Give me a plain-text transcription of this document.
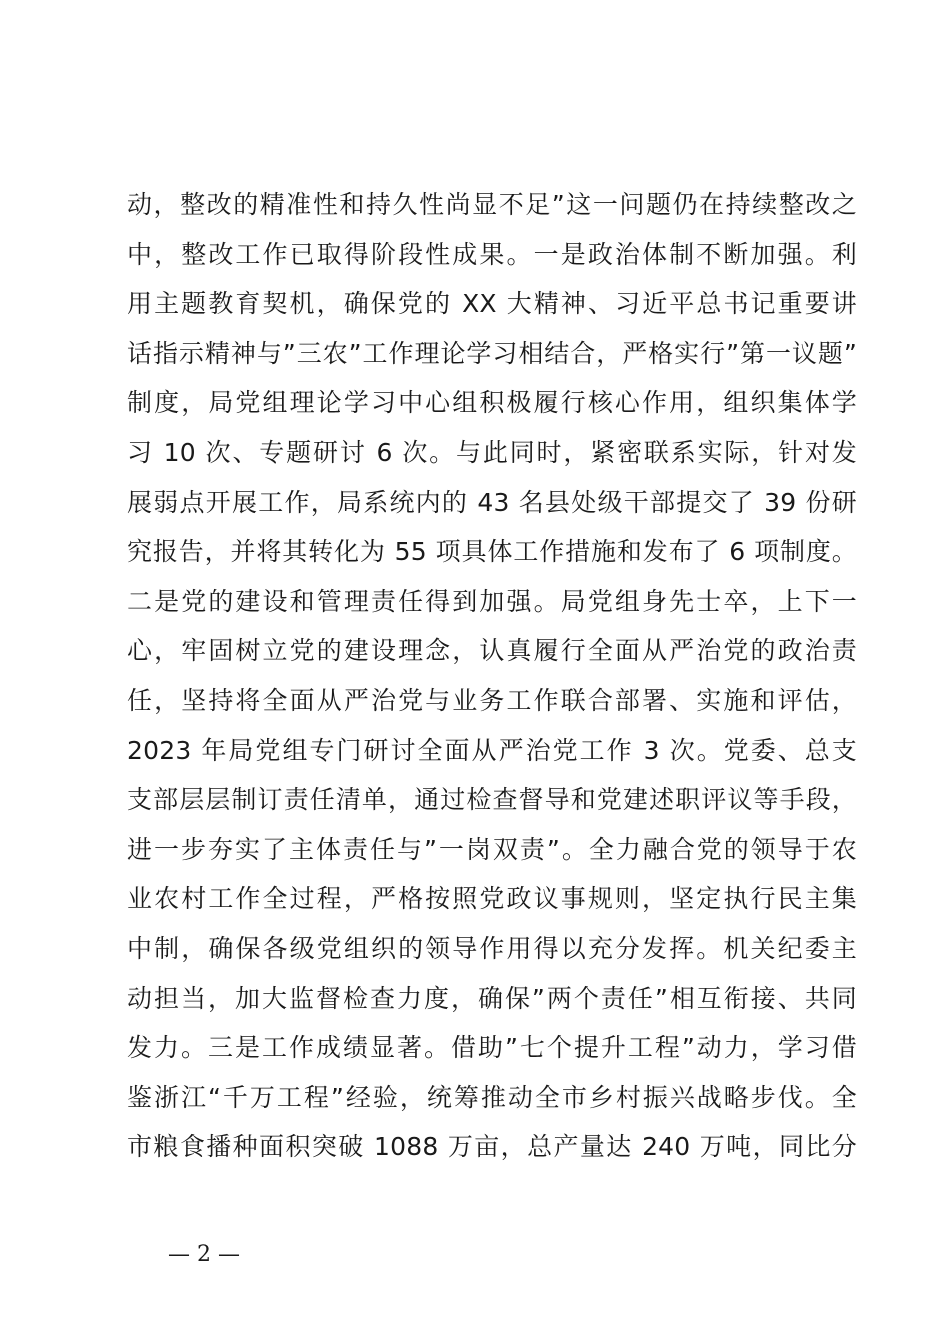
动，整改的精准性和持久性尚显不足”这一问题仍在持续整改之
中，整改工作已取得阶段性成果。一是政治体制不断加强。利
用主题教育契机，确保党的 XX 大精神、习近平总书记重要讲
话指示精神与”三农”工作理论学习相结合，严格实行”第一议题”
制度，局党组理论学习中心组积极履行核心作用，组织集体学
习 10 次、专题研讨 6 次。与此同时，紧密联系实际，针对发
展弱点开展工作，局系统内的 43 名县处级干部提交了 39 份研
究报告，并将其转化为 55 项具体工作措施和发布了 6 项制度。
二是党的建设和管理责任得到加强。局党组身先士卒，上下一
心，牢固树立党的建设理念，认真履行全面从严治党的政治责
任，坚持将全面从严治党与业务工作联合部署、实施和评估，
2023 年局党组专门研讨全面从严治党工作 3 次。党委、总支
支部层层制订责任清单，通过检查督导和党建述职评议等手段，
进一步夯实了主体责任与”一岗双责”。全力融合党的领导于农
业农村工作全过程，严格按照党政议事规则，坚定执行民主集
中制，确保各级党组织的领导作用得以充分发挥。机关纪委主
动担当，加大监督检查力度，确保”两个责任”相互衔接、共同
发力。三是工作成绩显著。借助”七个提升工程”动力，学习借
鉴浙江“千万工程”经验，统筹推动全市乡村振兴战略步伐。全
市粮食播种面积突破 1088 万亩，总产量达 240 万吨，同比分
— 2 —
